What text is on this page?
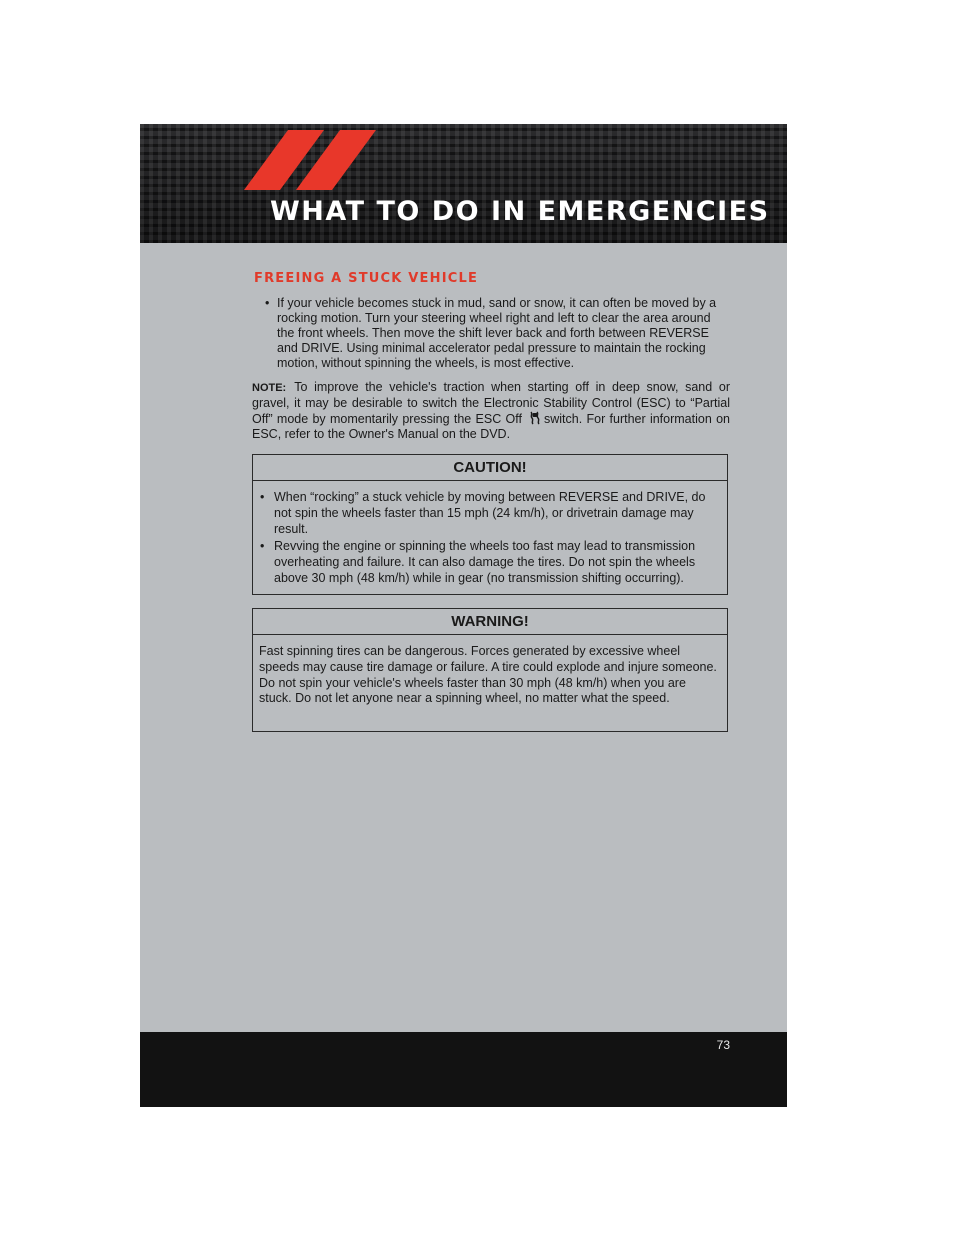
WHAT TO DO IN EMERGENCIES
FREEING A STUCK VEHICLE
• If your vehicle becomes stuck in mud, sand or snow, it can often be moved by a rocking motion. Turn your steering wheel right and left to clear the area around the front wheels. Then move the shift lever back and forth between REVERSE and DRIVE. Using minimal accelerator pedal pressure to maintain the rocking motion, without spinning the wheels, is most effective.

NOTE: To improve the vehicle's traction when starting off in deep snow, sand or gravel, it may be desirable to switch the Electronic Stability Control (ESC) to “Partial Off” mode by momentarily pressing the ESC Off switch. For further information on ESC, refer to the Owner's Manual on the DVD.

CAUTION!
• When “rocking” a stuck vehicle by moving between REVERSE and DRIVE, do not spin the wheels faster than 15 mph (24 km/h), or drivetrain damage may result.
• Revving the engine or spinning the wheels too fast may lead to transmission overheating and failure. It can also damage the tires. Do not spin the wheels above 30 mph (48 km/h) while in gear (no transmission shifting occurring).
WARNING!
Fast spinning tires can be dangerous. Forces generated by excessive wheel speeds may cause tire damage or failure. A tire could explode and injure someone. Do not spin your vehicle's wheels faster than 30 mph (48 km/h) when you are stuck. Do not let anyone near a spinning wheel, no matter what the speed.
73
